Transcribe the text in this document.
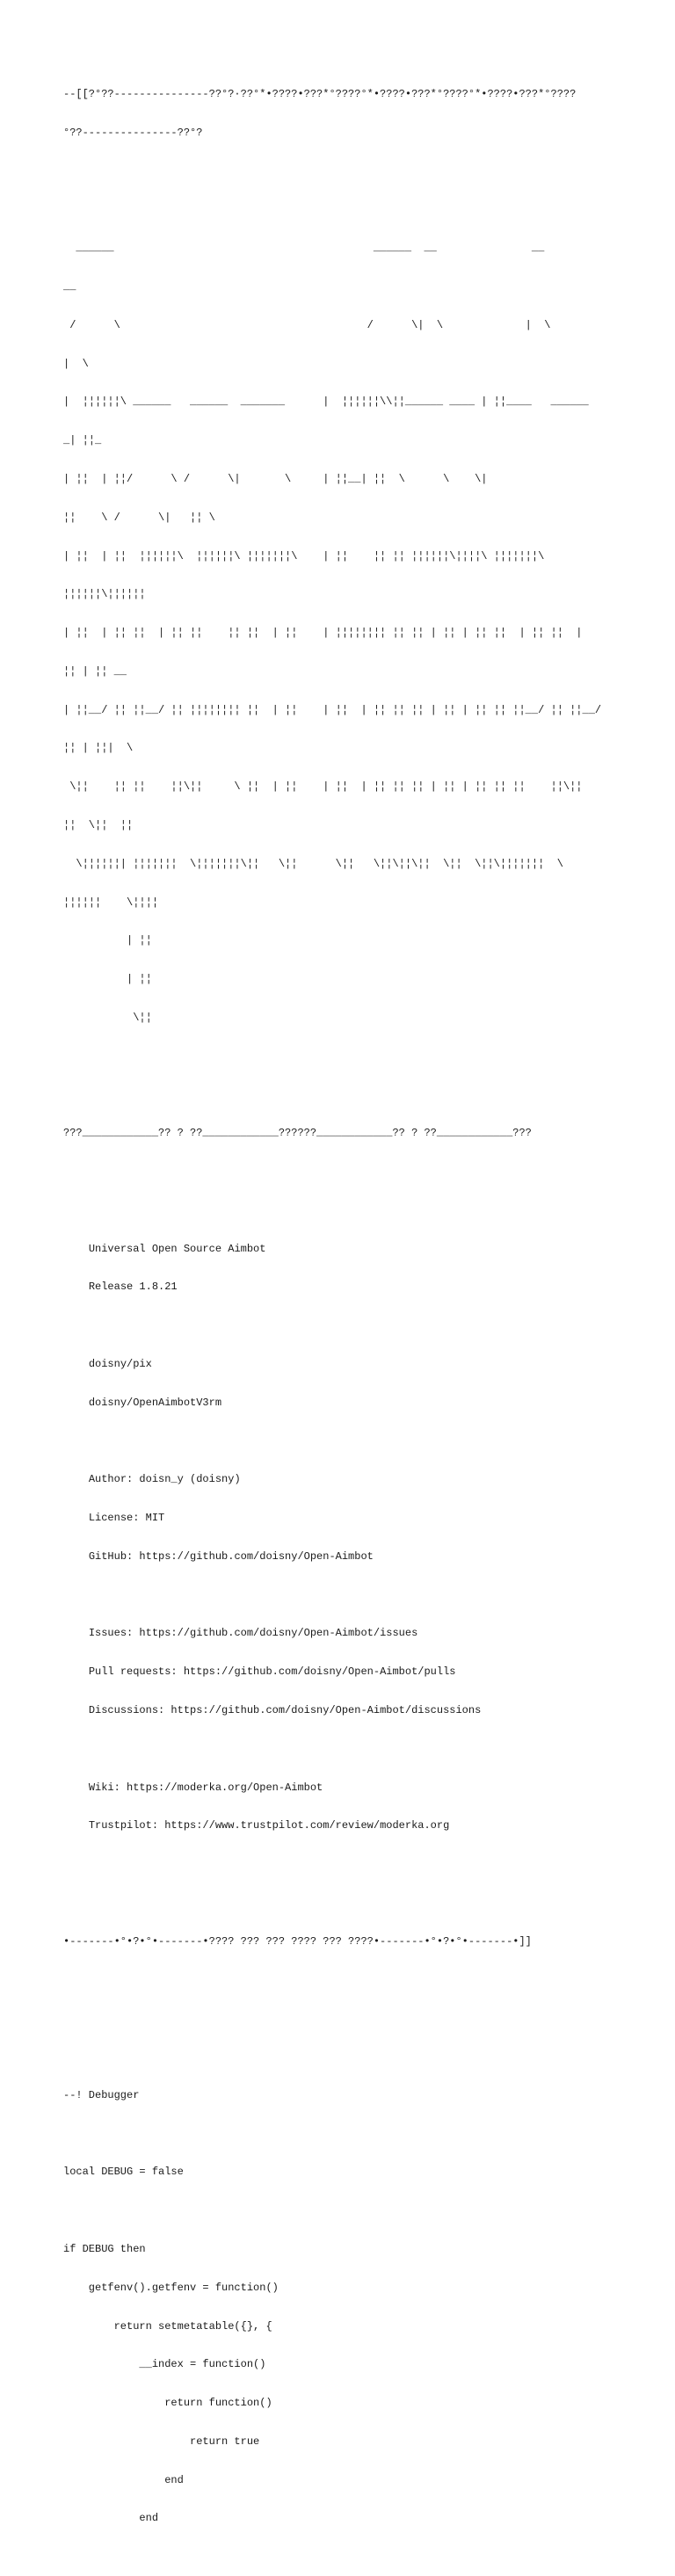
--[[?°??---------------??°?·??°*•????•???*°????°*•????•???*°????°*•????•???*°????

°??---------------??°?

______                                         ______  __               __

__

/      \                                       /      \|  \             |  \

|  \

|  ¦¦¦¦¦¦\ ______   ______  _______      |  ¦¦¦¦¦¦\\¦¦______ ____ | ¦¦____   ______

_| ¦¦_

| ¦¦  | ¦¦/      \ /      \|       \     | ¦¦__| ¦¦  \      \    \|

¦¦    \ /      \|   ¦¦ \

| ¦¦  | ¦¦  ¦¦¦¦¦¦\  ¦¦¦¦¦¦\ ¦¦¦¦¦¦¦\    | ¦¦    ¦¦ ¦¦ ¦¦¦¦¦¦\¦¦¦¦\ ¦¦¦¦¦¦¦\

¦¦¦¦¦¦\¦¦¦¦¦¦

| ¦¦  | ¦¦ ¦¦  | ¦¦ ¦¦    ¦¦ ¦¦  | ¦¦    | ¦¦¦¦¦¦¦¦ ¦¦ ¦¦ | ¦¦ | ¦¦ ¦¦  | ¦¦ ¦¦  |

¦¦ | ¦¦ __

| ¦¦__/ ¦¦ ¦¦__/ ¦¦ ¦¦¦¦¦¦¦¦ ¦¦  | ¦¦    | ¦¦  | ¦¦ ¦¦ ¦¦ | ¦¦ | ¦¦ ¦¦ ¦¦__/ ¦¦ ¦¦__/

¦¦ | ¦¦|  \

\¦¦    ¦¦ ¦¦    ¦¦\¦¦     \ ¦¦  | ¦¦    | ¦¦  | ¦¦ ¦¦ ¦¦ | ¦¦ | ¦¦ ¦¦ ¦¦    ¦¦\¦¦

¦¦  \¦¦  ¦¦

\¦¦¦¦¦¦| ¦¦¦¦¦¦¦  \¦¦¦¦¦¦¦\¦¦   \¦¦      \¦¦   \¦¦\¦¦\¦¦  \¦¦  \¦¦\¦¦¦¦¦¦¦  \

¦¦¦¦¦¦    \¦¦¦¦

| ¦¦

| ¦¦

\¦¦

???____________?? ? ??____________??????____________?? ? ??____________???

Universal Open Source Aimbot

Release 1.8.21

doisny/pix

doisny/OpenAimbotV3rm

Author: doisn_y (doisny)

License: MIT

GitHub: https://github.com/doisny/Open-Aimbot

Issues: https://github.com/doisny/Open-Aimbot/issues

Pull requests: https://github.com/doisny/Open-Aimbot/pulls

Discussions: https://github.com/doisny/Open-Aimbot/discussions

Wiki: https://moderka.org/Open-Aimbot

Trustpilot: https://www.trustpilot.com/review/moderka.org

•-------•°•?•°•-------•???? ??? ??? ???? ??? ????•-------•°•?•°•-------•]]

--! Debugger

local DEBUG = false

if DEBUG then

getfenv().getfenv = function()

return setmetatable({}, {

__index = function()

return function()

return true

end

end
